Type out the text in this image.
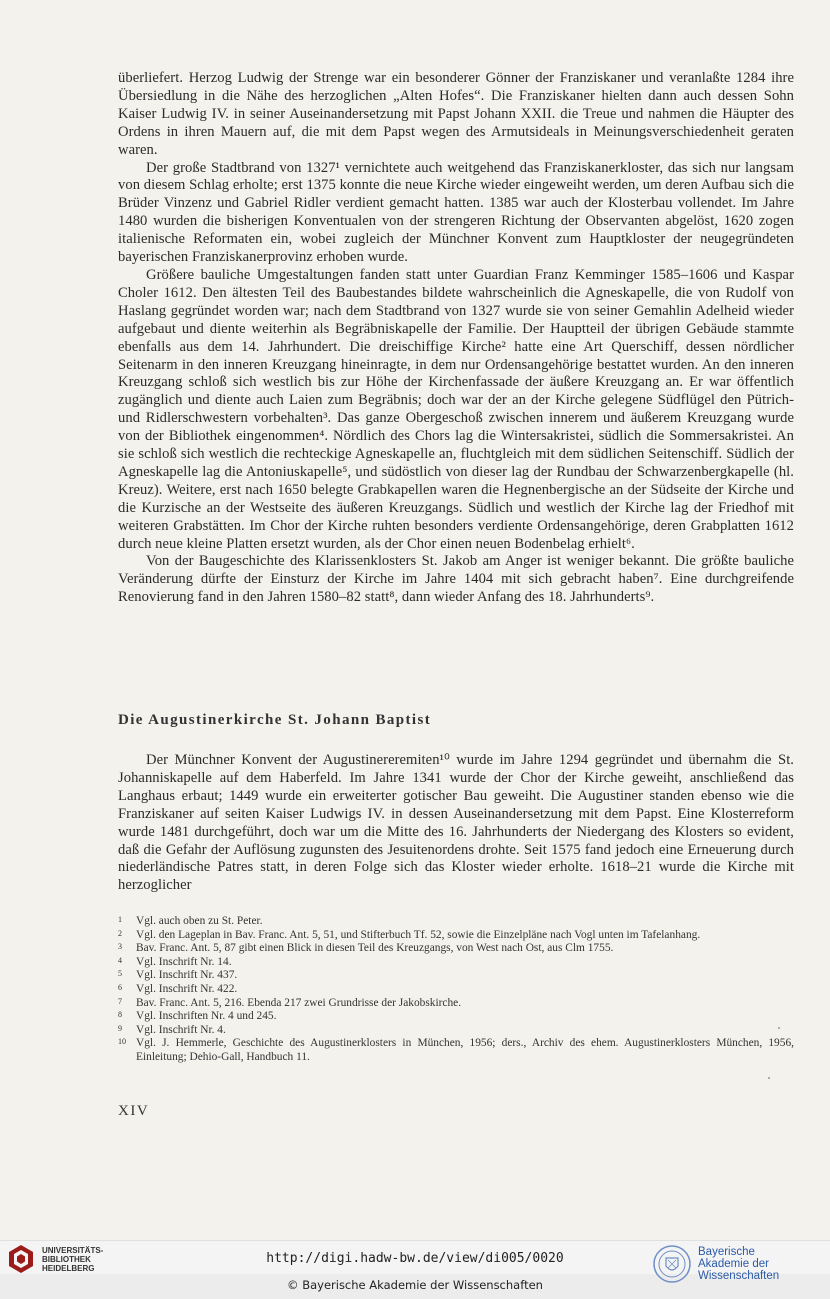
überliefert. Herzog Ludwig der Strenge war ein besonderer Gönner der Franziskaner und veranlaßte 1284 ihre Übersiedlung in die Nähe des herzoglichen „Alten Hofes“. Die Franziskaner hielten dann auch dessen Sohn Kaiser Ludwig IV. in seiner Auseinandersetzung mit Papst Johann XXII. die Treue und nahmen die Häupter des Ordens in ihren Mauern auf, die mit dem Papst wegen des Armutsideals in Meinungsverschiedenheit geraten waren.

Der große Stadtbrand von 1327¹ vernichtete auch weitgehend das Franziskanerkloster, das sich nur langsam von diesem Schlag erholte; erst 1375 konnte die neue Kirche wieder eingeweiht werden, um deren Aufbau sich die Brüder Vinzenz und Gabriel Ridler verdient gemacht hatten. 1385 war auch der Klosterbau vollendet. Im Jahre 1480 wurden die bisherigen Konventualen von der strengeren Richtung der Observanten abgelöst, 1620 zogen italienische Reformaten ein, wobei zugleich der Münchner Konvent zum Hauptkloster der neugegründeten bayerischen Franziskanerprovinz erhoben wurde.

Größere bauliche Umgestaltungen fanden statt unter Guardian Franz Kemminger 1585–1606 und Kaspar Choler 1612. Den ältesten Teil des Baubestandes bildete wahrscheinlich die Agneskapelle, die von Rudolf von Haslang gegründet worden war; nach dem Stadtbrand von 1327 wurde sie von seiner Gemahlin Adelheid wieder aufgebaut und diente weiterhin als Begräbniskapelle der Familie. Der Hauptteil der übrigen Gebäude stammte ebenfalls aus dem 14. Jahrhundert. Die dreischiffige Kirche² hatte eine Art Querschiff, dessen nördlicher Seitenarm in den inneren Kreuzgang hineinragte, in dem nur Ordensangehörige bestattet wurden. An den inneren Kreuzgang schloß sich westlich bis zur Höhe der Kirchenfassade der äußere Kreuzgang an. Er war öffentlich zugänglich und diente auch Laien zum Begräbnis; doch war der an der Kirche gelegene Südflügel den Pütrich- und Ridlerschwestern vorbehalten³. Das ganze Obergeschoß zwischen innerem und äußerem Kreuzgang wurde von der Bibliothek eingenommen⁴. Nördlich des Chors lag die Wintersakristei, südlich die Sommersakristei. An sie schloß sich westlich die rechteckige Agneskapelle an, fluchtgleich mit dem südlichen Seitenschiff. Südlich der Agneskapelle lag die Antoniuskapelle⁵, und südöstlich von dieser lag der Rundbau der Schwarzenbergkapelle (hl. Kreuz). Weitere, erst nach 1650 belegte Grabkapellen waren die Hegnenbergische an der Südseite der Kirche und die Kurzische an der Westseite des äußeren Kreuzgangs. Südlich und westlich der Kirche lag der Friedhof mit weiteren Grabstätten. Im Chor der Kirche ruhten besonders verdiente Ordensangehörige, deren Grabplatten 1612 durch neue kleine Platten ersetzt wurden, als der Chor einen neuen Bodenbelag erhielt⁶.

Von der Baugeschichte des Klarissenklosters St. Jakob am Anger ist weniger bekannt. Die größte bauliche Veränderung dürfte der Einsturz der Kirche im Jahre 1404 mit sich gebracht haben⁷. Eine durchgreifende Renovierung fand in den Jahren 1580–82 statt⁸, dann wieder Anfang des 18. Jahrhunderts⁹.

Die Augustinerkirche St. Johann Baptist

Der Münchner Konvent der Augustinereremiten¹⁰ wurde im Jahre 1294 gegründet und übernahm die St. Johanniskapelle auf dem Haberfeld. Im Jahre 1341 wurde der Chor der Kirche geweiht, anschließend das Langhaus erbaut; 1449 wurde ein erweiterter gotischer Bau geweiht. Die Augustiner standen ebenso wie die Franziskaner auf seiten Kaiser Ludwigs IV. in dessen Auseinandersetzung mit dem Papst. Eine Klosterreform wurde 1481 durchgeführt, doch war um die Mitte des 16. Jahrhunderts der Niedergang des Klosters so evident, daß die Gefahr der Auflösung zugunsten des Jesuitenordens drohte. Seit 1575 fand jedoch eine Erneuerung durch niederländische Patres statt, in deren Folge sich das Kloster wieder erholte. 1618–21 wurde die Kirche mit herzoglicher

1 Vgl. auch oben zu St. Peter.
2 Vgl. den Lageplan in Bav. Franc. Ant. 5, 51, und Stifterbuch Tf. 52, sowie die Einzelpläne nach Vogl unten im Tafelanhang.
3 Bav. Franc. Ant. 5, 87 gibt einen Blick in diesen Teil des Kreuzgangs, von West nach Ost, aus Clm 1755.
4 Vgl. Inschrift Nr. 14.
5 Vgl. Inschrift Nr. 437.
6 Vgl. Inschrift Nr. 422.
7 Bav. Franc. Ant. 5, 216. Ebenda 217 zwei Grundrisse der Jakobskirche.
8 Vgl. Inschriften Nr. 4 und 245.
9 Vgl. Inschrift Nr. 4.
10 Vgl. J. Hemmerle, Geschichte des Augustinerklosters in München, 1956; ders., Archiv des ehem. Augustinerklosters München, 1956, Einleitung; Dehio-Gall, Handbuch 11.
XIV
UNIVERSITÄTS-
BIBLIOTHEK
HEIDELBERG
http://digi.hadw-bw.de/view/di005/0020
© Bayerische Akademie der Wissenschaften
Bayerische
Akademie der Wissenschaften
